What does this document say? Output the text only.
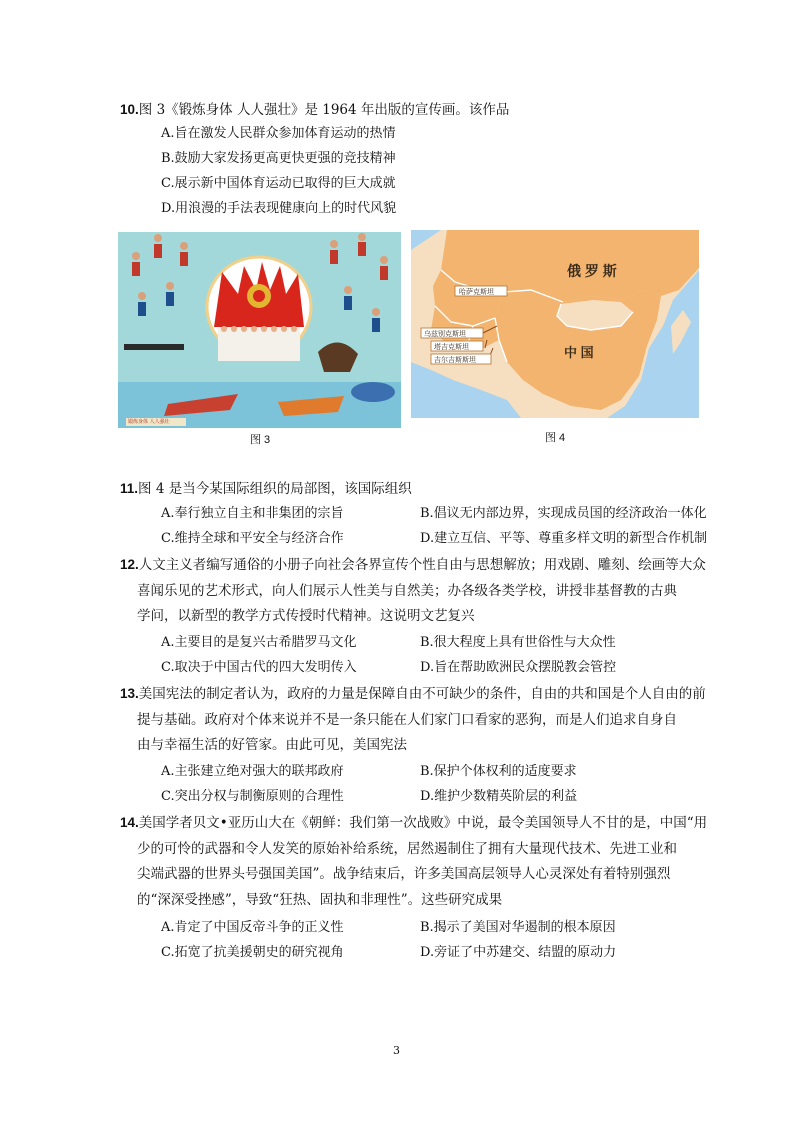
10.图 3《锻炼身体 人人强壮》是 1964 年出版的宣传画。该作品
A.旨在激发人民群众参加体育运动的热情
B.鼓励大家发扬更高更快更强的竞技精神
C.展示新中国体育运动已取得的巨大成就
D.用浪漫的手法表现健康向上的时代风貌
锻炼身体 人人强壮
图 3
俄 罗 斯
中 国
哈萨克斯坦
乌兹别克斯坦
塔吉克斯坦
吉尔吉斯斯坦
图 4
11.图 4 是当今某国际组织的局部图，该国际组织
A.奉行独立自主和非集团的宗旨	B.倡议无内部边界，实现成员国的经济政治一体化
C.维持全球和平安全与经济合作	D.建立互信、平等、尊重多样文明的新型合作机制
12.人文主义者编写通俗的小册子向社会各界宣传个性自由与思想解放；用戏剧、雕刻、绘画等大众
喜闻乐见的艺术形式，向人们展示人性美与自然美；办各级各类学校，讲授非基督教的古典
学问，以新型的教学方式传授时代精神。这说明文艺复兴
A.主要目的是复兴古希腊罗马文化	B.很大程度上具有世俗性与大众性
C.取决于中国古代的四大发明传入	D.旨在帮助欧洲民众摆脱教会管控
13.美国宪法的制定者认为，政府的力量是保障自由不可缺少的条件，自由的共和国是个人自由的前
提与基础。政府对个体来说并不是一条只能在人们家门口看家的恶狗，而是人们追求自身自
由与幸福生活的好管家。由此可见，美国宪法
A.主张建立绝对强大的联邦政府	B.保护个体权利的适度要求
C.突出分权与制衡原则的合理性	D.维护少数精英阶层的利益
14.美国学者贝文•亚历山大在《朝鲜：我们第一次战败》中说，最令美国领导人不甘的是，中国“用
少的可怜的武器和令人发笑的原始补给系统，居然遏制住了拥有大量现代技术、先进工业和
尖端武器的世界头号强国美国”。战争结束后，许多美国高层领导人心灵深处有着特别强烈
的“深深受挫感”，导致“狂热、固执和非理性”。这些研究成果
A.肯定了中国反帝斗争的正义性	B.揭示了美国对华遏制的根本原因
C.拓宽了抗美援朝史的研究视角	D.旁证了中苏建交、结盟的原动力
3
